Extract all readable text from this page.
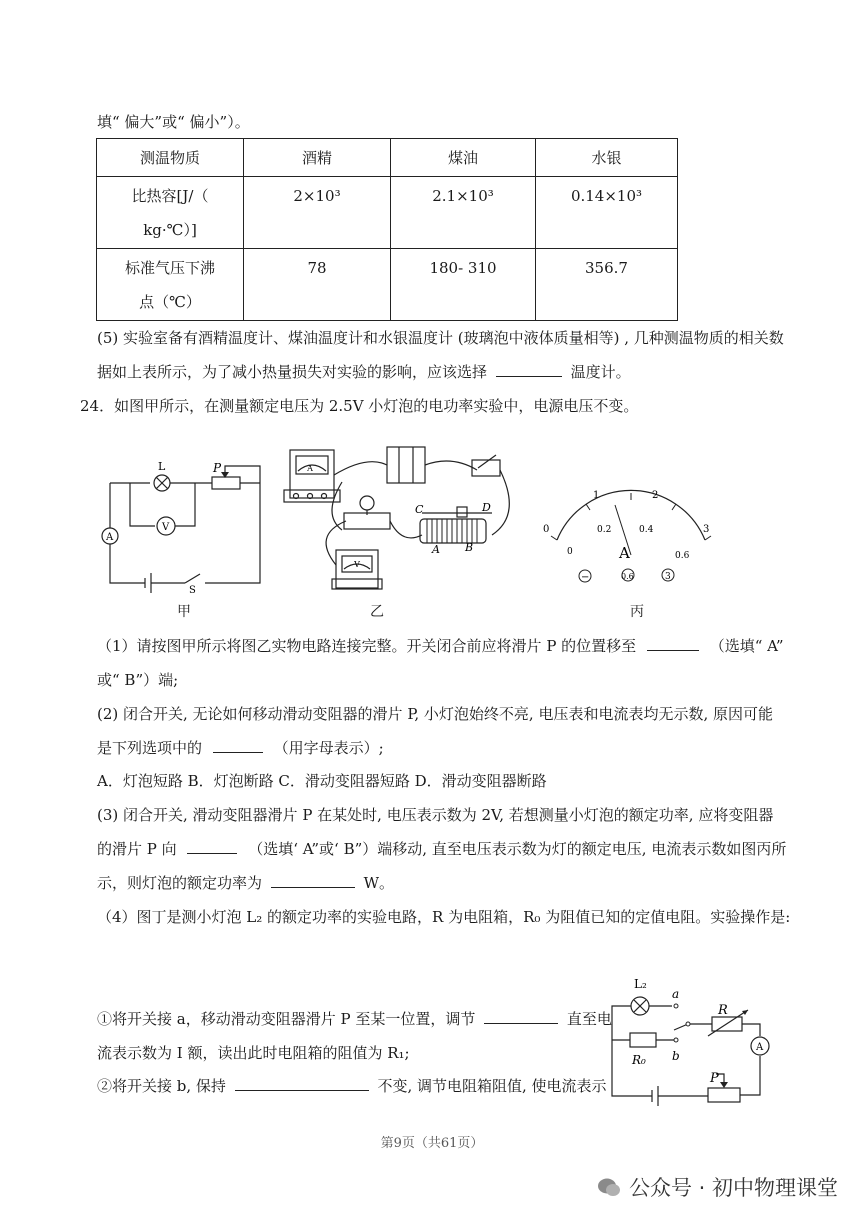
填“ 偏大”或“ 偏小”）。
测温物质	酒精	煤油	水银

比热容[J/（
kg·℃）]	2×10³	2.1×10³	0.14×10³

标准气压下沸
点（℃）	78	180- 310	356.7
(5) 实验室备有酒精温度计、煤油温度计和水银温度计 (玻璃泡中液体质量相等) , 几种测温物质的相关数
据如上表所示，为了减小热量损失对实验的影响，应该选择	温度计。
24．如图甲所示，在测量额定电压为 2.5V 小灯泡的电功率实验中，电源电压不变。
L	P
A
V
S
A
V
C	D
A B
0
1	2
3
0
0.2	0.4
0.6
A
−	0.6	3
甲	乙	丙
（1）请按图甲所示将图乙实物电路连接完整。开关闭合前应将滑片 P 的位置移至	（选填“ A”
或“ B”）端;
(2) 闭合开关, 无论如何移动滑动变阻器的滑片 P, 小灯泡始终不亮, 电压表和电流表均无示数, 原因可能
是下列选项中的	（用字母表示）;
A．灯泡短路 B．灯泡断路 C．滑动变阻器短路 D．滑动变阻器断路
(3) 闭合开关, 滑动变阻器滑片 P 在某处时, 电压表示数为 2V, 若想测量小灯泡的额定功率, 应将变阻器
的滑片 P 向	（选填‘ A”或‘ B”）端移动, 直至电压表示数为灯的额定电压, 电流表示数如图丙所
示，则灯泡的额定功率为	W。
（4）图丁是测小灯泡 L₂ 的额定功率的实验电路，R 为电阻箱，R₀ 为阻值已知的定值电阻。实验操作是:
①将开关接 a，移动滑动变阻器滑片 P 至某一位置，调节	直至电
流表示数为 I 额，读出此时电阻箱的阻值为 R₁;
②将开关接 b, 保持	不变, 调节电阻箱阻值, 使电流表示
L₂
a
b
R
R₀
A
P
第9页（共61页）
公众号 · 初中物理课堂
